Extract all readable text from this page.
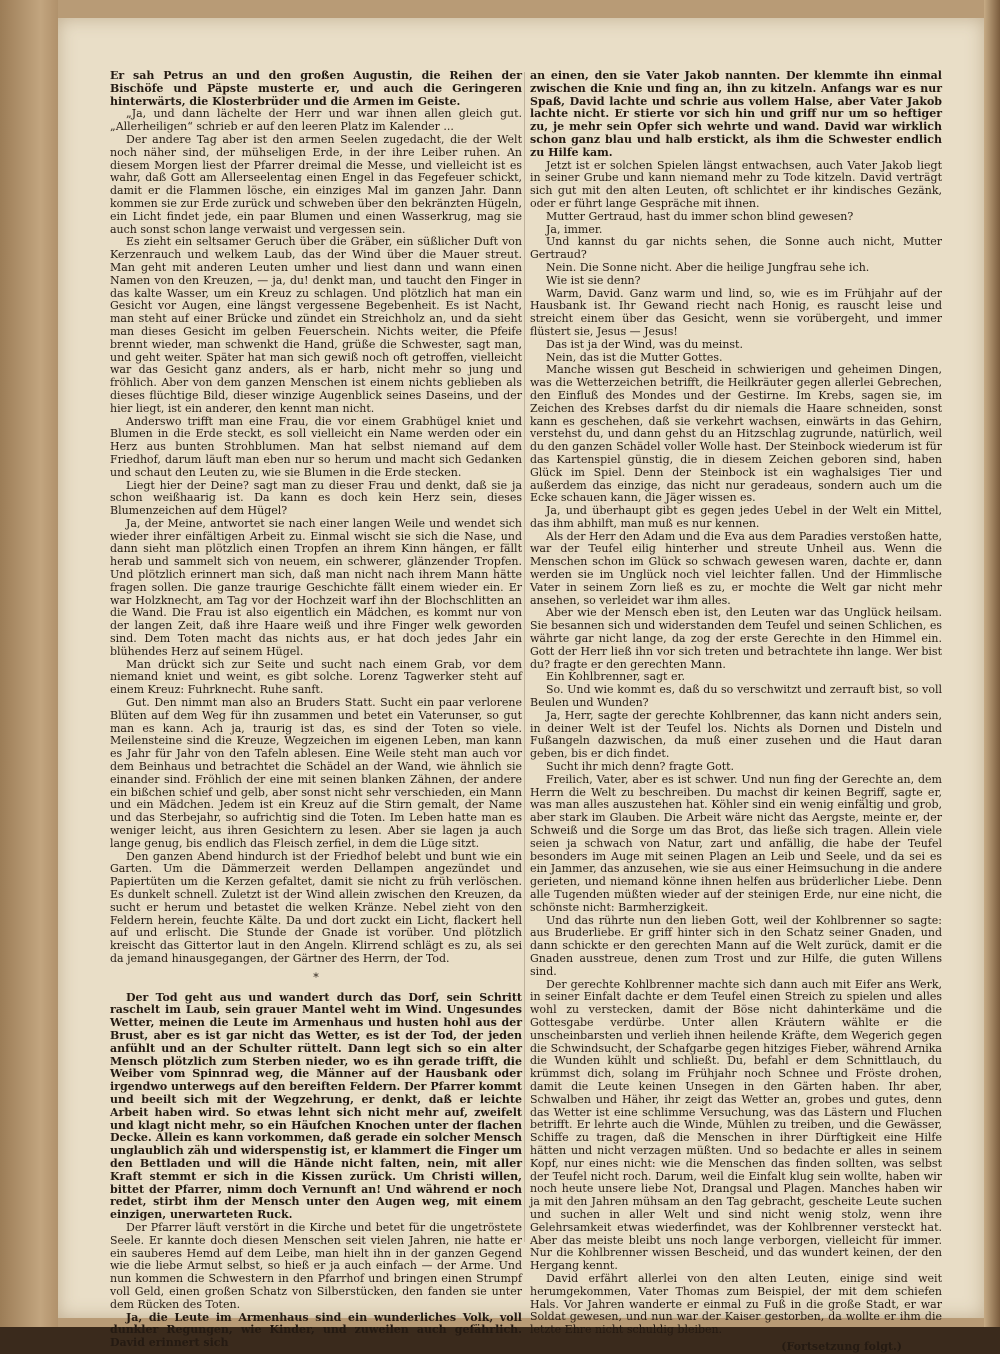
Er sah Petrus an und den großen Augustin, die Reihen der Bischöfe und Päpste musterte er, und auch die Geringeren hinterwärts, die Klosterbrüder und die Armen im Geiste.

„Ja, und dann lächelte der Herr und war ihnen allen gleich gut. „Allerheiligen“ schrieb er auf den leeren Platz im Kalender ...

Der andere Tag aber ist den armen Seelen zugedacht, die der Welt noch näher sind, der mühseligen Erde, in der ihre Leiber ruhen. An diesem Morgen liest der Pfarrer dreimal die Messe, und vielleicht ist es wahr, daß Gott am Allerseelentag einen Engel in das Fegefeuer schickt, damit er die Flammen lösche, ein einziges Mal im ganzen Jahr. Dann kommen sie zur Erde zurück und schweben über den bekränzten Hügeln, ein Licht findet jede, ein paar Blumen und einen Wasserkrug, mag sie auch sonst schon lange verwaist und vergessen sein.

Es zieht ein seltsamer Geruch über die Gräber, ein süßlicher Duft von Kerzenrauch und welkem Laub, das der Wind über die Mauer streut. Man geht mit anderen Leuten umher und liest dann und wann einen Namen von den Kreuzen, — ja, du! denkt man, und taucht den Finger in das kalte Wasser, um ein Kreuz zu schlagen. Und plötzlich hat man ein Gesicht vor Augen, eine längst vergessene Begebenheit. Es ist Nacht, man steht auf einer Brücke und zündet ein Streichholz an, und da sieht man dieses Gesicht im gelben Feuerschein. Nichts weiter, die Pfeife brennt wieder, man schwenkt die Hand, grüße die Schwester, sagt man, und geht weiter. Später hat man sich gewiß noch oft getroffen, vielleicht war das Gesicht ganz anders, als er harb, nicht mehr so jung und fröhlich. Aber von dem ganzen Menschen ist einem nichts geblieben als dieses flüchtige Bild, dieser winzige Augenblick seines Daseins, und der hier liegt, ist ein anderer, den kennt man nicht.

Anderswo trifft man eine Frau, die vor einem Grabhügel kniet und Blumen in die Erde steckt, es soll vielleicht ein Name werden oder ein Herz aus bunten Strohblumen. Man hat selbst niemand auf dem Friedhof, darum läuft man eben nur so herum und macht sich Gedanken und schaut den Leuten zu, wie sie Blumen in die Erde stecken.

Liegt hier der Deine? sagt man zu dieser Frau und denkt, daß sie ja schon weißhaarig ist. Da kann es doch kein Herz sein, dieses Blumenzeichen auf dem Hügel?

Ja, der Meine, antwortet sie nach einer langen Weile und wendet sich wieder ihrer einfältigen Arbeit zu. Einmal wischt sie sich die Nase, und dann sieht man plötzlich einen Tropfen an ihrem Kinn hängen, er fällt herab und sammelt sich von neuem, ein schwerer, glänzender Tropfen. Und plötzlich erinnert man sich, daß man nicht nach ihrem Mann hätte fragen sollen. Die ganze traurige Geschichte fällt einem wieder ein. Er war Holzknecht, am Tag vor der Hochzeit warf ihn der Blochschlitten an die Wand. Die Frau ist also eigentlich ein Mädchen, es kommt nur von der langen Zeit, daß ihre Haare weiß und ihre Finger welk geworden sind. Dem Toten macht das nichts aus, er hat doch jedes Jahr ein blühendes Herz auf seinem Hügel.

Man drückt sich zur Seite und sucht nach einem Grab, vor dem niemand kniet und weint, es gibt solche. Lorenz Tagwerker steht auf einem Kreuz: Fuhrknecht. Ruhe sanft.

Gut. Den nimmt man also an Bruders Statt. Sucht ein paar verlorene Blüten auf dem Weg für ihn zusammen und betet ein Vaterunser, so gut man es kann. Ach ja, traurig ist das, es sind der Toten so viele. Meilensteine sind die Kreuze, Wegzeichen im eigenen Leben, man kann es Jahr für Jahr von den Tafeln ablesen. Eine Weile steht man auch vor dem Beinhaus und betrachtet die Schädel an der Wand, wie ähnlich sie einander sind. Fröhlich der eine mit seinen blanken Zähnen, der andere ein bißchen schief und gelb, aber sonst nicht sehr verschieden, ein Mann und ein Mädchen. Jedem ist ein Kreuz auf die Stirn gemalt, der Name und das Sterbejahr, so aufrichtig sind die Toten. Im Leben hatte man es weniger leicht, aus ihren Gesichtern zu lesen. Aber sie lagen ja auch lange genug, bis endlich das Fleisch zerfiel, in dem die Lüge sitzt.

Den ganzen Abend hindurch ist der Friedhof belebt und bunt wie ein Garten. Um die Dämmerzeit werden Dellampen angezündet und Papiertüten um die Kerzen gefaltet, damit sie nicht zu früh verlöschen. Es dunkelt schnell. Zuletzt ist der Wind allein zwischen den Kreuzen, da sucht er herum und betastet die welken Kränze. Nebel zieht von den Feldern herein, feuchte Kälte. Da und dort zuckt ein Licht, flackert hell auf und erlischt. Die Stunde der Gnade ist vorüber. Und plötzlich kreischt das Gittertor laut in den Angeln. Klirrend schlägt es zu, als sei da jemand hinausgegangen, der Gärtner des Herrn, der Tod.

*

Der Tod geht aus und wandert durch das Dorf, sein Schritt raschelt im Laub, sein grauer Mantel weht im Wind. Ungesundes Wetter, meinen die Leute im Armenhaus und husten hohl aus der Brust, aber es ist gar nicht das Wetter, es ist der Tod, der jeden anfühlt und an der Schulter rüttelt. Dann legt sich so ein alter Mensch plötzlich zum Sterben nieder, wo es ihn gerade trifft, die Weiber vom Spinnrad weg, die Männer auf der Hausbank oder irgendwo unterwegs auf den bereiften Feldern. Der Pfarrer kommt und beeilt sich mit der Wegzehrung, er denkt, daß er leichte Arbeit haben wird. So etwas lehnt sich nicht mehr auf, zweifelt und klagt nicht mehr, so ein Häufchen Knochen unter der flachen Decke. Allein es kann vorkommen, daß gerade ein solcher Mensch unglaublich zäh und widerspenstig ist, er klammert die Finger um den Bettladen und will die Hände nicht falten, nein, mit aller Kraft stemmt er sich in die Kissen zurück. Um Christi willen, bittet der Pfarrer, nimm doch Vernunft an! Und während er noch redet, stirbt ihm der Mensch unter den Augen weg, mit einem einzigen, unerwarteten Ruck.

Der Pfarrer läuft verstört in die Kirche und betet für die ungetröstete Seele. Er kannte doch diesen Menschen seit vielen Jahren, nie hatte er ein sauberes Hemd auf dem Leibe, man hielt ihn in der ganzen Gegend wie die liebe Armut selbst, so hieß er ja auch einfach — der Arme. Und nun kommen die Schwestern in den Pfarrhof und bringen einen Strumpf voll Geld, einen großen Schatz von Silberstücken, den fanden sie unter dem Rücken des Toten.

Ja, die Leute im Armenhaus sind ein wunderliches Volk, voll dunkler Regungen, wie Kinder, und zuweilen auch gefährlich. David erinnert sich

an einen, den sie Vater Jakob nannten. Der klemmte ihn einmal zwischen die Knie und fing an, ihn zu kitzeln. Anfangs war es nur Spaß, David lachte und schrie aus vollem Halse, aber Vater Jakob lachte nicht. Er stierte vor sich hin und griff nur um so heftiger zu, je mehr sein Opfer sich wehrte und wand. David war wirklich schon ganz blau und halb erstickt, als ihm die Schwester endlich zu Hilfe kam.

Jetzt ist er solchen Spielen längst entwachsen, auch Vater Jakob liegt in seiner Grube und kann niemand mehr zu Tode kitzeln. David verträgt sich gut mit den alten Leuten, oft schlichtet er ihr kindisches Gezänk, oder er führt lange Gespräche mit ihnen.

Mutter Gertraud, hast du immer schon blind gewesen?

Ja, immer.

Und kannst du gar nichts sehen, die Sonne auch nicht, Mutter Gertraud?

Nein. Die Sonne nicht. Aber die heilige Jungfrau sehe ich.

Wie ist sie denn?

Warm, David. Ganz warm und lind, so, wie es im Frühjahr auf der Hausbank ist. Ihr Gewand riecht nach Honig, es rauscht leise und streicht einem über das Gesicht, wenn sie vorübergeht, und immer flüstert sie, Jesus — Jesus!

Das ist ja der Wind, was du meinst.

Nein, das ist die Mutter Gottes.

Manche wissen gut Bescheid in schwierigen und geheimen Dingen, was die Wetterzeichen betrifft, die Heilkräuter gegen allerlei Gebrechen, den Einfluß des Mondes und der Gestirne. Im Krebs, sagen sie, im Zeichen des Krebses darfst du dir niemals die Haare schneiden, sonst kann es geschehen, daß sie verkehrt wachsen, einwärts in das Gehirn, verstehst du, und dann gehst du an Hitzschlag zugrunde, natürlich, weil du den ganzen Schädel voller Wolle hast. Der Steinbock wiederum ist für das Kartenspiel günstig, die in diesem Zeichen geboren sind, haben Glück im Spiel. Denn der Steinbock ist ein waghalsiges Tier und außerdem das einzige, das nicht nur geradeaus, sondern auch um die Ecke schauen kann, die Jäger wissen es.

Ja, und überhaupt gibt es gegen jedes Uebel in der Welt ein Mittel, das ihm abhilft, man muß es nur kennen.

Als der Herr den Adam und die Eva aus dem Paradies verstoßen hatte, war der Teufel eilig hinterher und streute Unheil aus. Wenn die Menschen schon im Glück so schwach gewesen waren, dachte er, dann werden sie im Unglück noch viel leichter fallen. Und der Himmlische Vater in seinem Zorn ließ es zu, er mochte die Welt gar nicht mehr ansehen, so verleidet war ihm alles.

Aber wie der Mensch eben ist, den Leuten war das Unglück heilsam. Sie besannen sich und widerstanden dem Teufel und seinen Schlichen, es währte gar nicht lange, da zog der erste Gerechte in den Himmel ein. Gott der Herr ließ ihn vor sich treten und betrachtete ihn lange. Wer bist du? fragte er den gerechten Mann.

Ein Kohlbrenner, sagt er.

So. Und wie kommt es, daß du so verschwitzt und zerrauft bist, so voll Beulen und Wunden?

Ja, Herr, sagte der gerechte Kohlbrenner, das kann nicht anders sein, in deiner Welt ist der Teufel los. Nichts als Dornen und Disteln und Fußangeln dazwischen, da muß einer zusehen und die Haut daran geben, bis er dich findet.

Sucht ihr mich denn? fragte Gott.

Freilich, Vater, aber es ist schwer. Und nun fing der Gerechte an, dem Herrn die Welt zu beschreiben. Du machst dir keinen Begriff, sagte er, was man alles auszustehen hat. Köhler sind ein wenig einfältig und grob, aber stark im Glauben. Die Arbeit wäre nicht das Aergste, meinte er, der Schweiß und die Sorge um das Brot, das ließe sich tragen. Allein viele seien ja schwach von Natur, zart und anfällig, die habe der Teufel besonders im Auge mit seinen Plagen an Leib und Seele, und da sei es ein Jammer, das anzusehen, wie sie aus einer Heimsuchung in die andere gerieten, und niemand könne ihnen helfen aus brüderlicher Liebe. Denn alle Tugenden müßten wieder auf der steinigen Erde, nur eine nicht, die schönste nicht: Barmherzigkeit.

Und das rührte nun den lieben Gott, weil der Kohlbrenner so sagte: aus Bruderliebe. Er griff hinter sich in den Schatz seiner Gnaden, und dann schickte er den gerechten Mann auf die Welt zurück, damit er die Gnaden ausstreue, denen zum Trost und zur Hilfe, die guten Willens sind.

Der gerechte Kohlbrenner machte sich dann auch mit Eifer ans Werk, in seiner Einfalt dachte er dem Teufel einen Streich zu spielen und alles wohl zu verstecken, damit der Böse nicht dahinterkäme und die Gottesgabe verdürbe. Unter allen Kräutern wählte er die unscheinbarsten und verlieh ihnen heilende Kräfte, dem Wegerich gegen die Schwindsucht, der Schafgarbe gegen hitziges Fieber, während Arnika die Wunden kühlt und schließt. Du, befahl er dem Schnittlauch, du krümmst dich, solang im Frühjahr noch Schnee und Fröste drohen, damit die Leute keinen Unsegen in den Gärten haben. Ihr aber, Schwalben und Häher, ihr zeigt das Wetter an, grobes und gutes, denn das Wetter ist eine schlimme Versuchung, was das Lästern und Fluchen betrifft. Er lehrte auch die Winde, Mühlen zu treiben, und die Gewässer, Schiffe zu tragen, daß die Menschen in ihrer Dürftigkeit eine Hilfe hätten und nicht verzagen müßten. Und so bedachte er alles in seinem Kopf, nur eines nicht: wie die Menschen das finden sollten, was selbst der Teufel nicht roch. Darum, weil die Einfalt klug sein wollte, haben wir noch heute unsere liebe Not, Drangsal und Plagen. Manches haben wir ja mit den Jahren mühsam an den Tag gebracht, gescheite Leute suchen und suchen in aller Welt und sind nicht wenig stolz, wenn ihre Gelehrsamkeit etwas wiederfindet, was der Kohlbrenner versteckt hat. Aber das meiste bleibt uns noch lange verborgen, vielleicht für immer. Nur die Kohlbrenner wissen Bescheid, und das wundert keinen, der den Hergang kennt.

David erfährt allerlei von den alten Leuten, einige sind weit herumgekommen, Vater Thomas zum Beispiel, der mit dem schiefen Hals. Vor Jahren wanderte er einmal zu Fuß in die große Stadt, er war Soldat gewesen, und nun war der Kaiser gestorben, da wollte er ihm die letzte Ehre nicht schuldig bleiben.

(Fortsetzung folgt.)
